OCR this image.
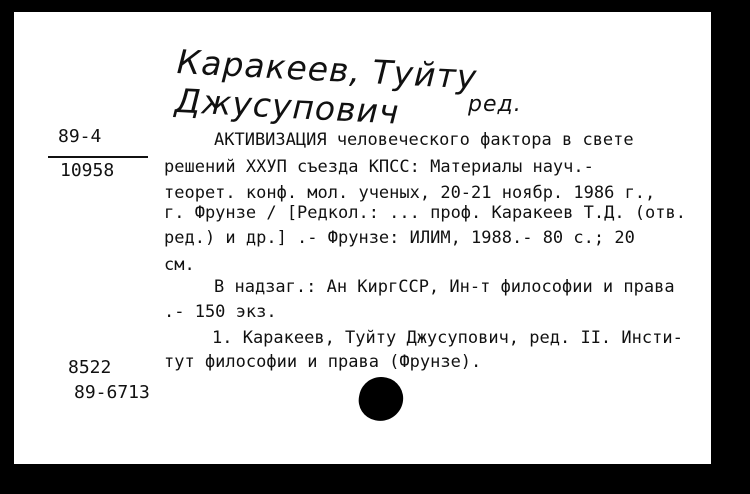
Каракеев, Туйту Джусупович	ред.
89-4
10958
АКТИВИЗАЦИЯ человеческого фактора в свете
решений XXУП съезда КПСС: Материалы науч.-
теорет. конф. мол. ученых, 20-21 ноябр. 1986 г.,
г. Фрунзе / [Редкол.: ... проф. Каракеев Т.Д. (отв.
ред.) и др.] .- Фрунзе: ИЛИМ, 1988.- 80 с.; 20
см.
В надзаг.: Ан КиргССР, Ин-т философии и права
.- 150 экз.
1. Каракеев, Туйту Джусупович, ред. II. Инсти-
тут философии и права (Фрунзе).
8522
89-6713
